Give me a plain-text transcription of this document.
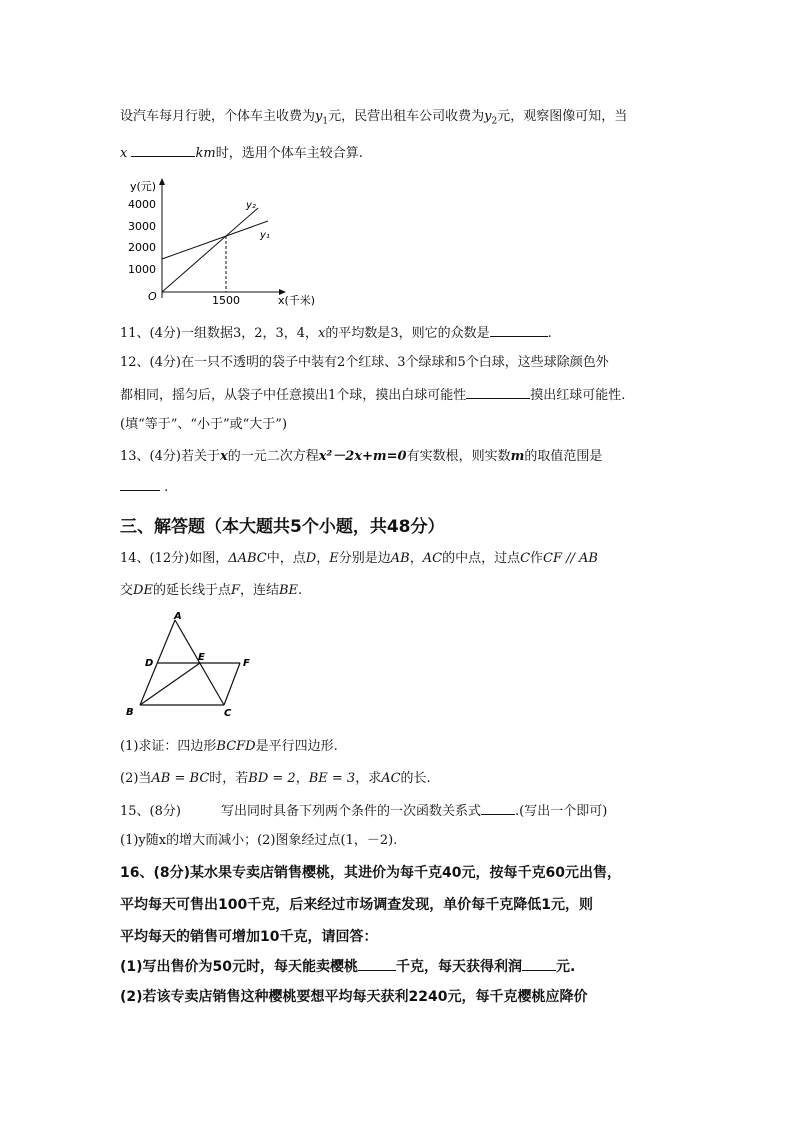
设汽车每月行驶，个体车主收费为$y_1$元，民营出租车公司收费为$y_2$元，观察图像可知，当
x	km时，选用个体车主较合算.
y(元)
x(千米)
O
4000
3000
2000
1000
1500
y₂
y₁
11、(4分)一组数据3，2，3，4，x的平均数是3，则它的众数是	.
12、(4分)在一只不透明的袋子中装有2个红球、3个绿球和5个白球，这些球除颜色外
都相同，摇匀后，从袋子中任意摸出1个球，摸出白球可能性	摸出红球可能性.
(填“等于”、“小于”或“大于”)
13、(4分)若关于x的一元二次方程x²－2x+m=0有实数根，则实数m的取值范围是
.
三、解答题（本大题共5个小题，共48分）
14、(12分)如图，ΔABC中，点D，E分别是边AB，AC的中点，过点C作CF // AB
交DE的延长线于点F，连结BE.
A
D
E
F
B	C
(1)求证：四边形BCFD是平行四边形.
(2)当AB = BC时，若BD = 2，BE = 3，求AC的长.
15、(8分)	写出同时具备下列两个条件的一次函数关系式	.(写出一个即可)
(1)y随x的增大而减小；(2)图象经过点(1，－2).
16、(8分)某水果专卖店销售樱桃，其进价为每千克40元，按每千克60元出售，
平均每天可售出100千克，后来经过市场调查发现，单价每千克降低1元，则
平均每天的销售可增加10千克，请回答：
(1)写出售价为50元时，每天能卖樱桃	千克，每天获得利润 元.
(2)若该专卖店销售这种樱桃要想平均每天获利2240元，每千克樱桃应降价
